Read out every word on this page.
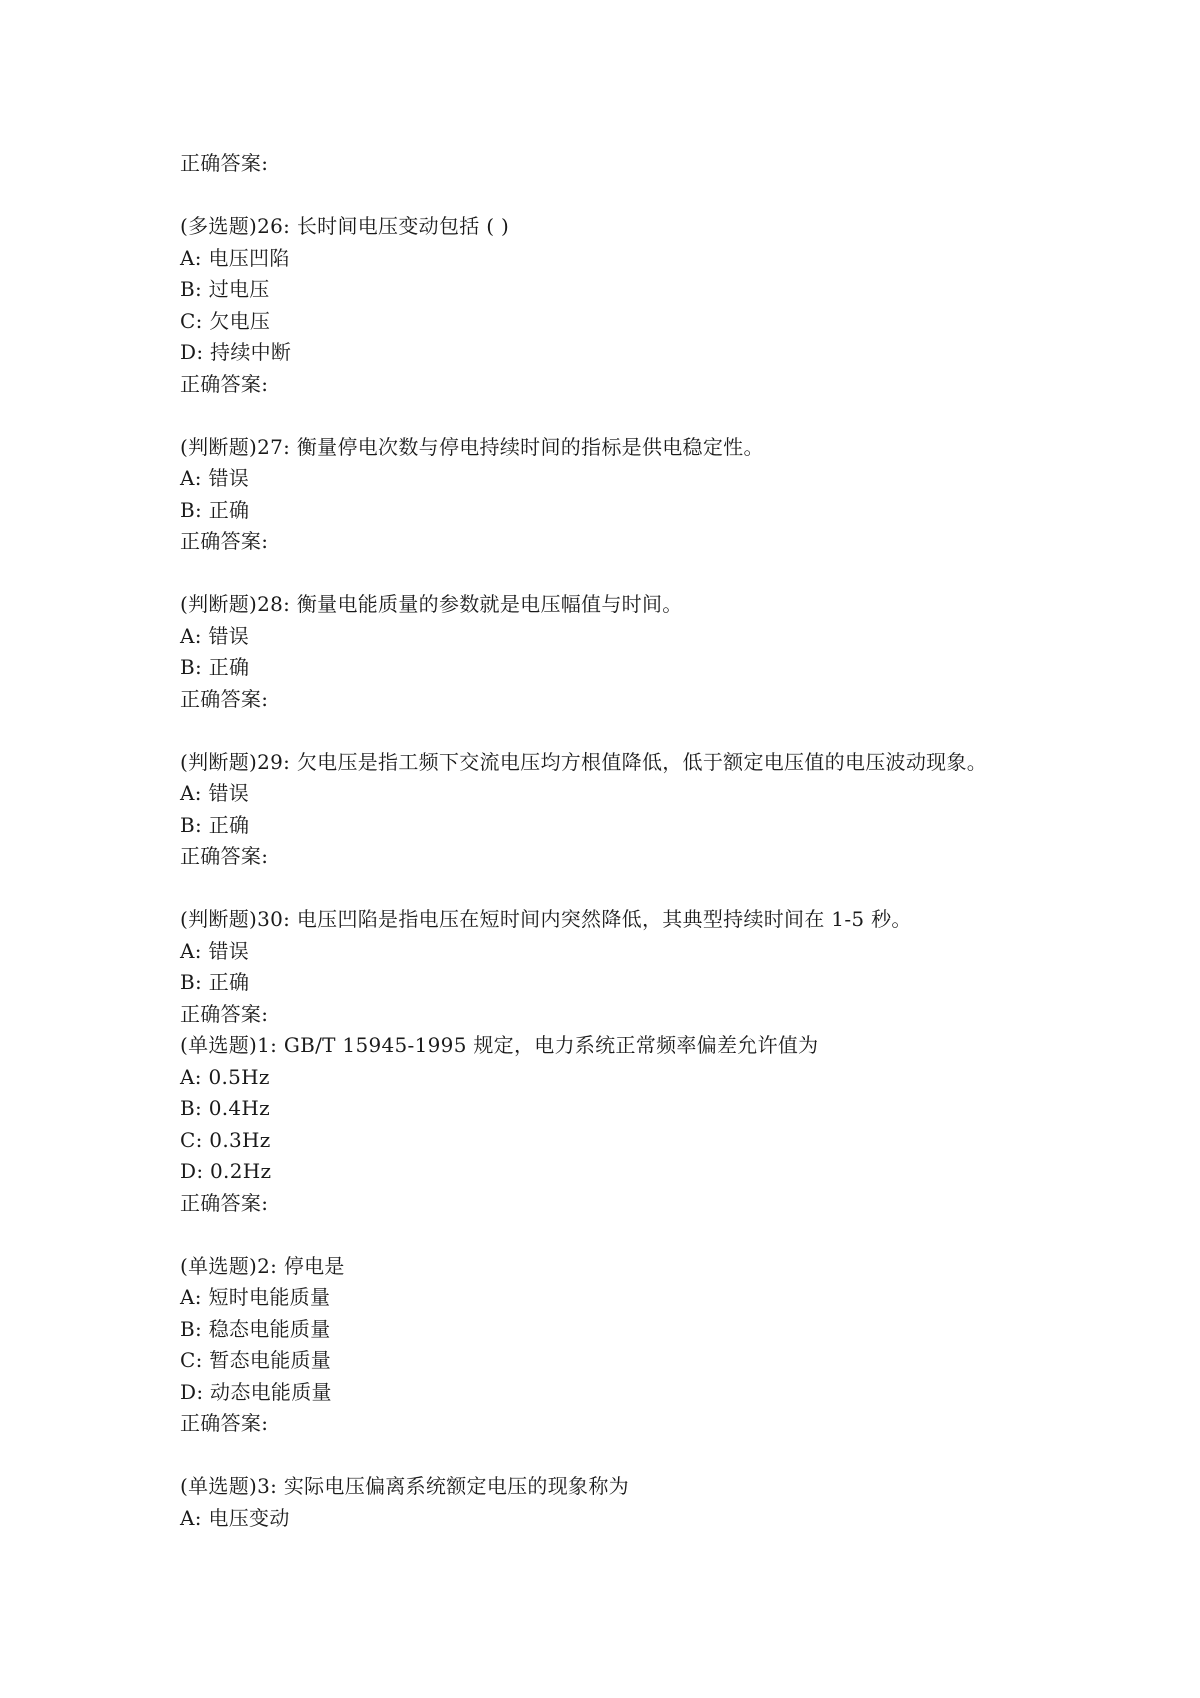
正确答案:
(多选题)26: 长时间电压变动包括 ( )
A: 电压凹陷
B: 过电压
C: 欠电压
D: 持续中断
正确答案:
(判断题)27: 衡量停电次数与停电持续时间的指标是供电稳定性。
A: 错误
B: 正确
正确答案:
(判断题)28: 衡量电能质量的参数就是电压幅值与时间。
A: 错误
B: 正确
正确答案:
(判断题)29: 欠电压是指工频下交流电压均方根值降低，低于额定电压值的电压波动现象。
A: 错误
B: 正确
正确答案:
(判断题)30: 电压凹陷是指电压在短时间内突然降低，其典型持续时间在 1-5 秒。
A: 错误
B: 正确
正确答案:
(单选题)1: GB/T 15945-1995 规定，电力系统正常频率偏差允许值为
A: 0.5Hz
B: 0.4Hz
C: 0.3Hz
D: 0.2Hz
正确答案:
(单选题)2: 停电是
A: 短时电能质量
B: 稳态电能质量
C: 暂态电能质量
D: 动态电能质量
正确答案:
(单选题)3: 实际电压偏离系统额定电压的现象称为
A: 电压变动
